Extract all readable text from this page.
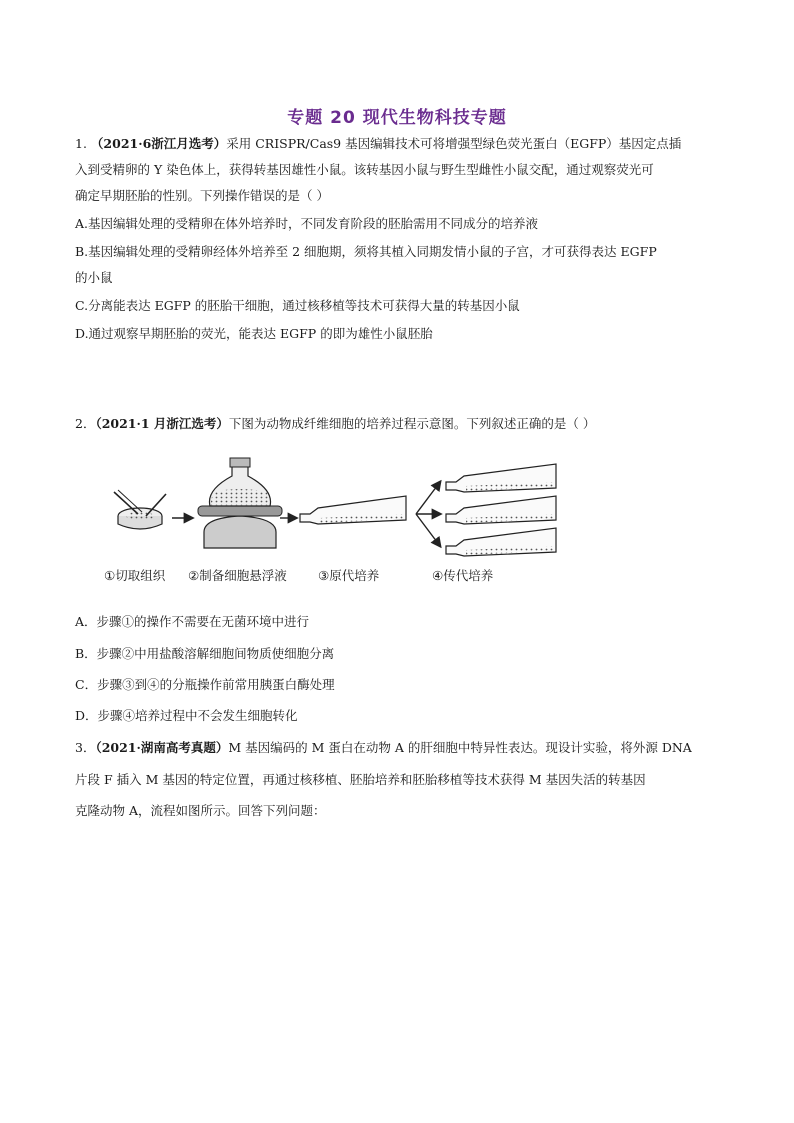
专题 20 现代生物科技专题
1. （2021·6浙江月选考）采用 CRISPR/Cas9 基因编辑技术可将增强型绿色荧光蛋白（EGFP）基因定点插
入到受精卵的 Y 染色体上，获得转基因雄性小鼠。该转基因小鼠与野生型雌性小鼠交配，通过观察荧光可
确定早期胚胎的性别。下列操作错误的是（ ）
A.基因编辑处理的受精卵在体外培养时，不同发育阶段的胚胎需用不同成分的培养液
B.基因编辑处理的受精卵经体外培养至 2 细胞期，须将其植入同期发情小鼠的子宫，才可获得表达 EGFP
的小鼠
C.分离能表达 EGFP 的胚胎干细胞，通过核移植等技术可获得大量的转基因小鼠
D.通过观察早期胚胎的荧光，能表达 EGFP 的即为雄性小鼠胚胎
2．（2021·1 月浙江选考）下图为动物成纤维细胞的培养过程示意图。下列叙述正确的是（ ）
①切取组织 ②制备细胞悬浮液	③原代培养	④传代培养
A．步骤①的操作不需要在无菌环境中进行
B．步骤②中用盐酸溶解细胞间物质使细胞分离
C．步骤③到④的分瓶操作前常用胰蛋白酶处理
D．步骤④培养过程中不会发生细胞转化
3．（2021·湖南高考真题）M 基因编码的 M 蛋白在动物 A 的肝细胞中特异性表达。现设计实验，将外源 DNA
片段 F 插入 M 基因的特定位置，再通过核移植、胚胎培养和胚胎移植等技术获得 M 基因失活的转基因
克隆动物 A，流程如图所示。回答下列问题：
